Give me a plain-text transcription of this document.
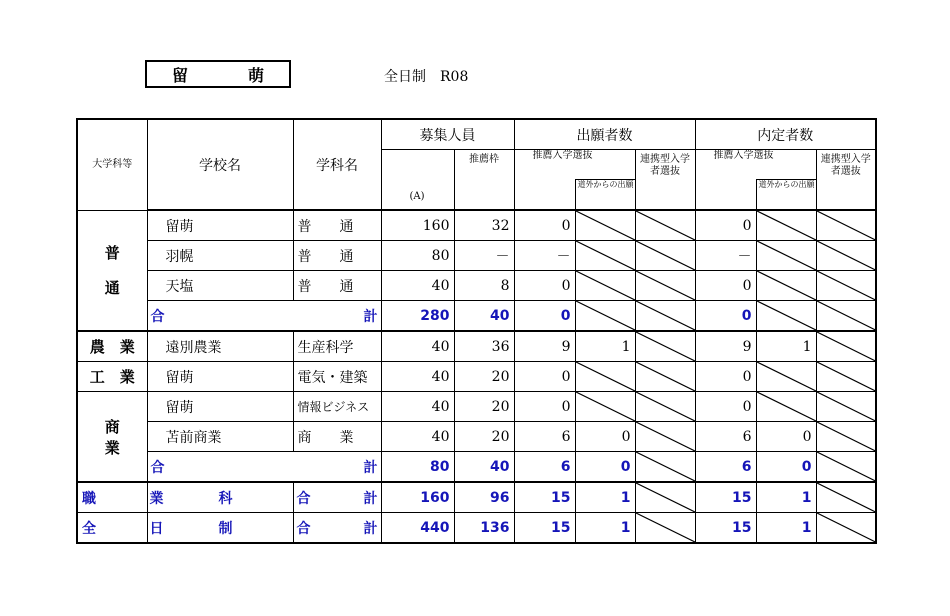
留　萌	全日制　R08
大学科等	学校名	学科名	募集人員		出願者数			内定者数		
			(A)	推薦枠	推薦入学選抜		連携型入学者選抜	推薦入学選抜		連携型入学者選抜
						道外からの出願			道外からの出願	

普
通	留萌	普　　通	160	32	0			0	

	羽幌	普　　通	80	－	－			－	

	天塩	普　　通	40	8	0			0	

	合 計		280	40	0			0	

農　業	遠別農業	生産科学	40	36	9	1		9	1	

工　業	留萌	電気・建築	40	20	0			0	

商
業	留萌	情報ビジネス	40	20	0			0	

	苫前商業	商　　業	40	20	6	0		6	0	

	合 計		80	40	6	0		6	0	

職	業 科	合 計	160	96	15	1		15	1	

全	日 制	合 計	440	136	15	1		15	1	
